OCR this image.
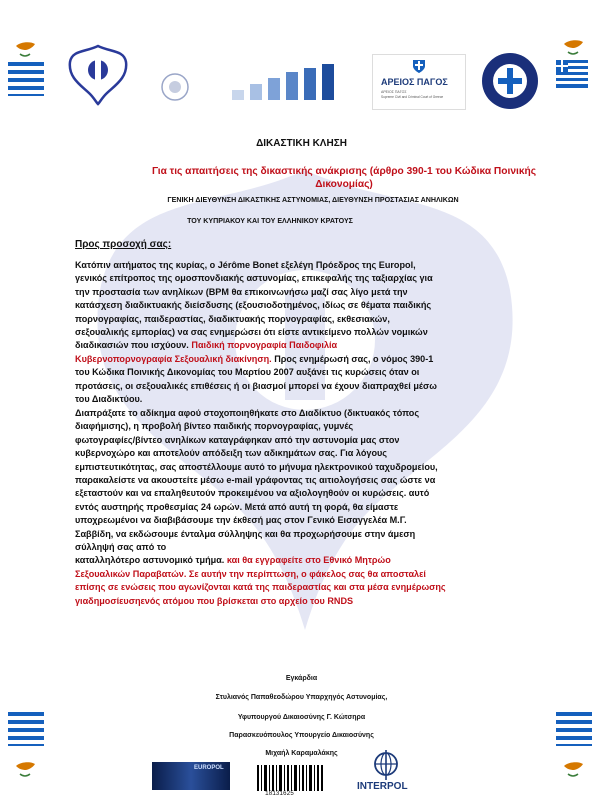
ΑΡΕΙΟΣ ΠΑΓΟΣ
ΑΡΕΙΟΣ ΠΑΓΟΣ
Supreme Civil and Criminal Court of Greece
ΔΙΚΑΣΤΙΚΗ ΚΛΗΣΗ
Για τις απαιτήσεις της δικαστικής ανάκρισης (άρθρο 390-1 του Κώδικα Ποινικής Δικονομίας)
ΓΕΝΙΚΗ ΔΙΕΥΘΥΝΣΗ ΔΙΚΑΣΤΙΚΗΣ ΑΣΤΥΝΟΜΙΑΣ, ΔΙΕΥΘΥΝΣΗ ΠΡΟΣΤΑΣΙΑΣ ΑΝΗΛΙΚΩΝ
ΤΟΥ ΚΥΠΡΙΑΚΟΥ ΚΑΙ ΤΟΥ ΕΛΛΗΝΙΚΟΥ ΚΡΑΤΟΥΣ
Προς προσοχή σας:
Κατόπιν αιτήματος της κυρίας, ο Jérôme Bonet εξελέγη Πρόεδρος της Europol,
γενικός επίτροπος της ομοσπονδιακής αστυνομίας, επικεφαλής της ταξιαρχίας για
την προστασία των ανηλίκων (BPM θα επικοινωνήσω μαζί σας λίγο μετά την
κατάσχεση διαδικτυακής διείσδυσης (εξουσιοδοτημένος, ιδίως σε θέματα παιδικής
πορνογραφίας, παιδεραστίας, διαδικτυακής πορνογραφίας, εκθεσιακών,
σεξουαλικής εμπορίας) να σας ενημερώσει ότι είστε αντικείμενο πολλών νομικών
διαδικασιών που ισχύουν. Παιδική πορνογραφία Παιδοφιλία
Κυβερνοπορνογραφία Σεξουαλική διακίνηση. Προς ενημέρωσή σας, ο νόμος 390-1
του Κώδικα Ποινικής Δικονομίας του Μαρτίου 2007 αυξάνει τις κυρώσεις όταν οι
προτάσεις, οι σεξουαλικές επιθέσεις ή οι βιασμοί μπορεί να έχουν διαπραχθεί μέσω
του Διαδικτύου.
Διαπράξατε το αδίκημα αφού στοχοποιηθήκατε στο Διαδίκτυο (δικτυακός τόπος
διαφήμισης), η προβολή βίντεο παιδικής πορνογραφίας, γυμνές
φωτογραφίες/βίντεο ανηλίκων καταγράφηκαν από την αστυνομία μας στον
κυβερνοχώρο και αποτελούν απόδειξη των αδικημάτων σας. Για λόγους
εμπιστευτικότητας, σας αποστέλλουμε αυτό το μήνυμα ηλεκτρονικού ταχυδρομείου,
παρακαλείστε να ακουστείτε μέσω e-mail γράφοντας τις αιτιολογήσεις σας ώστε να
εξεταστούν και να επαληθευτούν προκειμένου να αξιολογηθούν οι κυρώσεις. αυτό
εντός αυστηρής προθεσμίας 24 ωρών. Μετά από αυτή τη φορά, θα είμαστε
υποχρεωμένοι να διαβιβάσουμε την έκθεσή μας στον Γενικό Εισαγγελέα Μ.Γ.
Σαββίδη, να εκδώσουμε ένταλμα σύλληψης και θα προχωρήσουμε στην άμεση
σύλληψή σας από το
καταλληλότερο αστυνομικό τμήμα. και θα εγγραφείτε στο Εθνικό Μητρώο
Σεξουαλικών Παραβατών. Σε αυτήν την περίπτωση, ο φάκελος σας θα αποσταλεί
επίσης σε ενώσεις που αγωνίζονται κατά της παιδεραστίας και στα μέσα ενημέρωσης
γιαδημοσίευσηενός ατόμου που βρίσκεται στο αρχείο του RNDS
Εγκάρδια
Στυλιανός Παπαθεοδώρου Υπαρχηγός Αστυνομίας,
Υφυπουργού Δικαιοσύνης Γ. Κώτσηρα
Παρασκευόπουλος Υπουργείο Δικαιοσύνης
Μιχαήλ Καραμαλάκης
EUROPOL
18131625
INTERPOL
